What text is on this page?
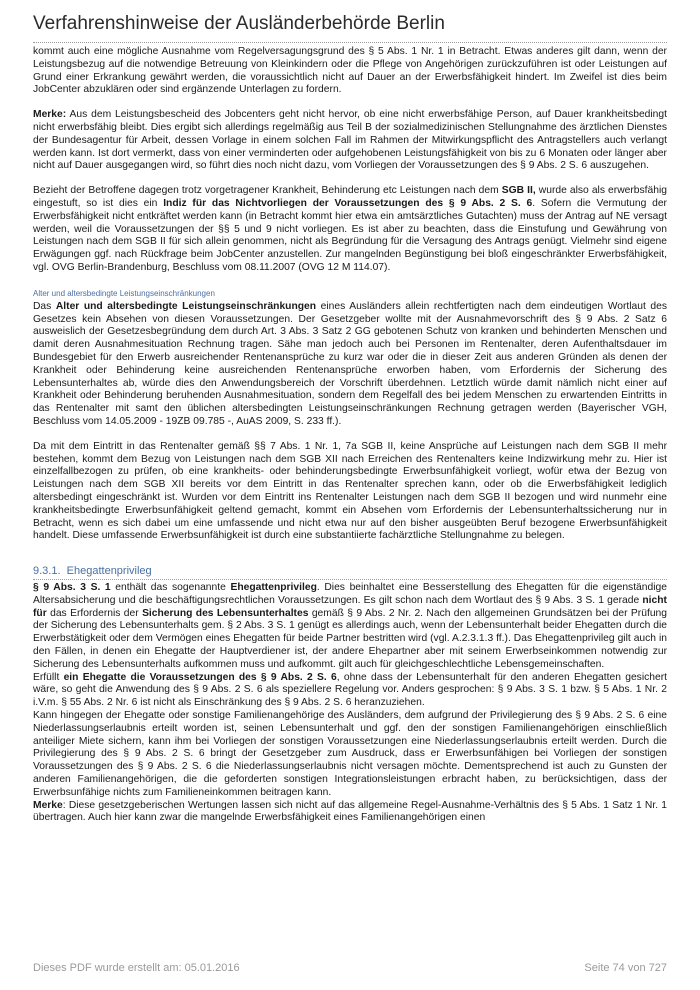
Verfahrenshinweise der Ausländerbehörde Berlin

kommt auch eine mögliche Ausnahme vom Regelversagungsgrund des § 5 Abs. 1 Nr. 1 in Betracht. Etwas anderes gilt dann, wenn der Leistungsbezug auf die notwendige Betreuung von Kleinkindern oder die Pflege von Angehörigen zurückzuführen ist oder Leistungen auf Grund einer Erkrankung gewährt werden, die voraussichtlich nicht auf Dauer an der Erwerbsfähigkeit hindert. Im Zweifel ist dies beim JobCenter abzuklären oder sind ergänzende Unterlagen zu fordern.

Merke: Aus dem Leistungsbescheid des Jobcenters geht nicht hervor, ob eine nicht erwerbsfähige Person, auf Dauer krankheitsbedingt nicht erwerbsfähig bleibt. Dies ergibt sich allerdings regelmäßig aus Teil B der sozialmedizinischen Stellungnahme des ärztlichen Dienstes der Bundesagentur für Arbeit, dessen Vorlage in einem solchen Fall im Rahmen der Mitwirkungspflicht des Antragstellers auch verlangt werden kann. Ist dort vermerkt, dass von einer verminderten oder aufgehobenen Leistungsfähigkeit von bis zu 6 Monaten oder länger aber nicht auf Dauer ausgegangen wird, so führt dies noch nicht dazu, vom Vorliegen der Voraussetzungen des § 9 Abs. 2 S. 6 auszugehen.

Bezieht der Betroffene dagegen trotz vorgetragener Krankheit, Behinderung etc Leistungen nach dem SGB II, wurde also als erwerbsfähig eingestuft, so ist dies ein Indiz für das Nichtvorliegen der Voraussetzungen des § 9 Abs. 2 S. 6. Sofern die Vermutung der Erwerbsfähigkeit nicht entkräftet werden kann (in Betracht kommt hier etwa ein amtsärztliches Gutachten) muss der Antrag auf NE versagt werden, weil die Voraussetzungen der §§ 5 und 9 nicht vorliegen. Es ist aber zu beachten, dass die Einstufung und Gewährung von Leistungen nach dem SGB II für sich allein genommen, nicht als Begründung für die Versagung des Antrags genügt. Vielmehr sind eigene Erwägungen ggf. nach Rückfrage beim JobCenter anzustellen. Zur mangelnden Begünstigung bei bloß eingeschränkter Erwerbsfähigkeit, vgl. OVG Berlin-Brandenburg, Beschluss vom 08.11.2007 (OVG 12 M 114.07).

Alter und altersbedingte Leistungseinschränkungen

Das Alter und altersbedingte Leistungseinschränkungen eines Ausländers allein rechtfertigten nach dem eindeutigen Wortlaut des Gesetzes kein Absehen von diesen Voraussetzungen. Der Gesetzgeber wollte mit der Ausnahmevorschrift des § 9 Abs. 2 Satz 6 ausweislich der Gesetzesbegründung dem durch Art. 3 Abs. 3 Satz 2 GG gebotenen Schutz von kranken und behinderten Menschen und damit deren Ausnahmesituation Rechnung tragen. Sähe man jedoch auch bei Personen im Rentenalter, deren Aufenthaltsdauer im Bundesgebiet für den Erwerb ausreichender Rentenansprüche zu kurz war oder die in dieser Zeit aus anderen Gründen als denen der Krankheit oder Behinderung keine ausreichenden Rentenansprüche erworben haben, vom Erfordernis der Sicherung des Lebensunterhaltes ab, würde dies den Anwendungsbereich der Vorschrift überdehnen. Letztlich würde damit nämlich nicht einer auf Krankheit oder Behinderung beruhenden Ausnahmesituation, sondern dem Regelfall des bei jedem Menschen zu erwartenden Eintritts in das Rentenalter mit samt den üblichen altersbedingten Leistungseinschränkungen Rechnung getragen werden (Bayerischer VGH, Beschluss vom 14.05.2009 - 19ZB 09.785 -, AuAS 2009, S. 233 ff.).

Da mit dem Eintritt in das Rentenalter gemäß §§ 7 Abs. 1 Nr. 1, 7a SGB II, keine Ansprüche auf Leistungen nach dem SGB II mehr bestehen, kommt dem Bezug von Leistungen nach dem SGB XII nach Erreichen des Rentenalters keine Indizwirkung mehr zu. Hier ist einzelfallbezogen zu prüfen, ob eine krankheits- oder behinderungsbedingte Erwerbsunfähigkeit vorliegt, wofür etwa der Bezug von Leistungen nach dem SGB XII bereits vor dem Eintritt in das Rentenalter sprechen kann, oder ob die Erwerbsfähigkeit lediglich altersbedingt eingeschränkt ist. Wurden vor dem Eintritt ins Rentenalter Leistungen nach dem SGB II bezogen und wird nunmehr eine krankheitsbedingte Erwerbsunfähigkeit geltend gemacht, kommt ein Absehen vom Erfordernis der Lebensunterhaltssicherung nur in Betracht, wenn es sich dabei um eine umfassende und nicht etwa nur auf den bisher ausgeübten Beruf bezogene Erwerbsunfähigkeit handelt. Diese umfassende Erwerbsunfähigkeit ist durch eine substantiierte fachärztliche Stellungnahme zu belegen.

9.3.1. Ehegattenprivileg

§ 9 Abs. 3 S. 1 enthält das sogenannte Ehegattenprivileg. Dies beinhaltet eine Besserstellung des Ehegatten für die eigenständige Altersabsicherung und die beschäftigungsrechtlichen Voraussetzungen. Es gilt schon nach dem Wortlaut des § 9 Abs. 3 S. 1 gerade nicht für das Erfordernis der Sicherung des Lebensunterhaltes gemäß § 9 Abs. 2 Nr. 2. Nach den allgemeinen Grundsätzen bei der Prüfung der Sicherung des Lebensunterhalts gem. § 2 Abs. 3 S. 1 genügt es allerdings auch, wenn der Lebensunterhalt beider Ehegatten durch die Erwerbstätigkeit oder dem Vermögen eines Ehegatten für beide Partner bestritten wird (vgl. A.2.3.1.3 ff.). Das Ehegattenprivileg gilt auch in den Fällen, in denen ein Ehegatte der Hauptverdiener ist, der andere Ehepartner aber mit seinem Erwerbseinkommen notwendig zur Sicherung des Lebensunterhalts aufkommen muss und aufkommt. gilt auch für gleichgeschlechtliche Lebensgemeinschaften.

Erfüllt ein Ehegatte die Voraussetzungen des § 9 Abs. 2 S. 6, ohne dass der Lebensunterhalt für den anderen Ehegatten gesichert wäre, so geht die Anwendung des § 9 Abs. 2 S. 6 als speziellere Regelung vor. Anders gesprochen: § 9 Abs. 3 S. 1 bzw. § 5 Abs. 1 Nr. 2 i.V.m. § 55 Abs. 2 Nr. 6 ist nicht als Einschränkung des § 9 Abs. 2 S. 6 heranzuziehen.

Kann hingegen der Ehegatte oder sonstige Familienangehörige des Ausländers, dem aufgrund der Privilegierung des § 9 Abs. 2 S. 6 eine Niederlassungserlaubnis erteilt worden ist, seinen Lebensunterhalt und ggf. den der sonstigen Familienangehörigen einschließlich anteiliger Miete sichern, kann ihm bei Vorliegen der sonstigen Voraussetzungen eine Niederlassungserlaubnis erteilt werden. Durch die Privilegierung des § 9 Abs. 2 S. 6 bringt der Gesetzgeber zum Ausdruck, dass er Erwerbsunfähigen bei Vorliegen der sonstigen Voraussetzungen des § 9 Abs. 2 S. 6 die Niederlassungserlaubnis nicht versagen möchte. Dementsprechend ist auch zu Gunsten der anderen Familienangehörigen, die die geforderten sonstigen Integrationsleistungen erbracht haben, zu berücksichtigen, dass der Erwerbsunfähige nichts zum Familieneinkommen beitragen kann.

Merke: Diese gesetzgeberischen Wertungen lassen sich nicht auf das allgemeine Regel-Ausnahme-Verhältnis des § 5 Abs. 1 Satz 1 Nr. 1 übertragen. Auch hier kann zwar die mangelnde Erwerbsfähigkeit eines Familienangehörigen einen

Dieses PDF wurde erstellt am: 05.01.2016	Seite 74 von 727
